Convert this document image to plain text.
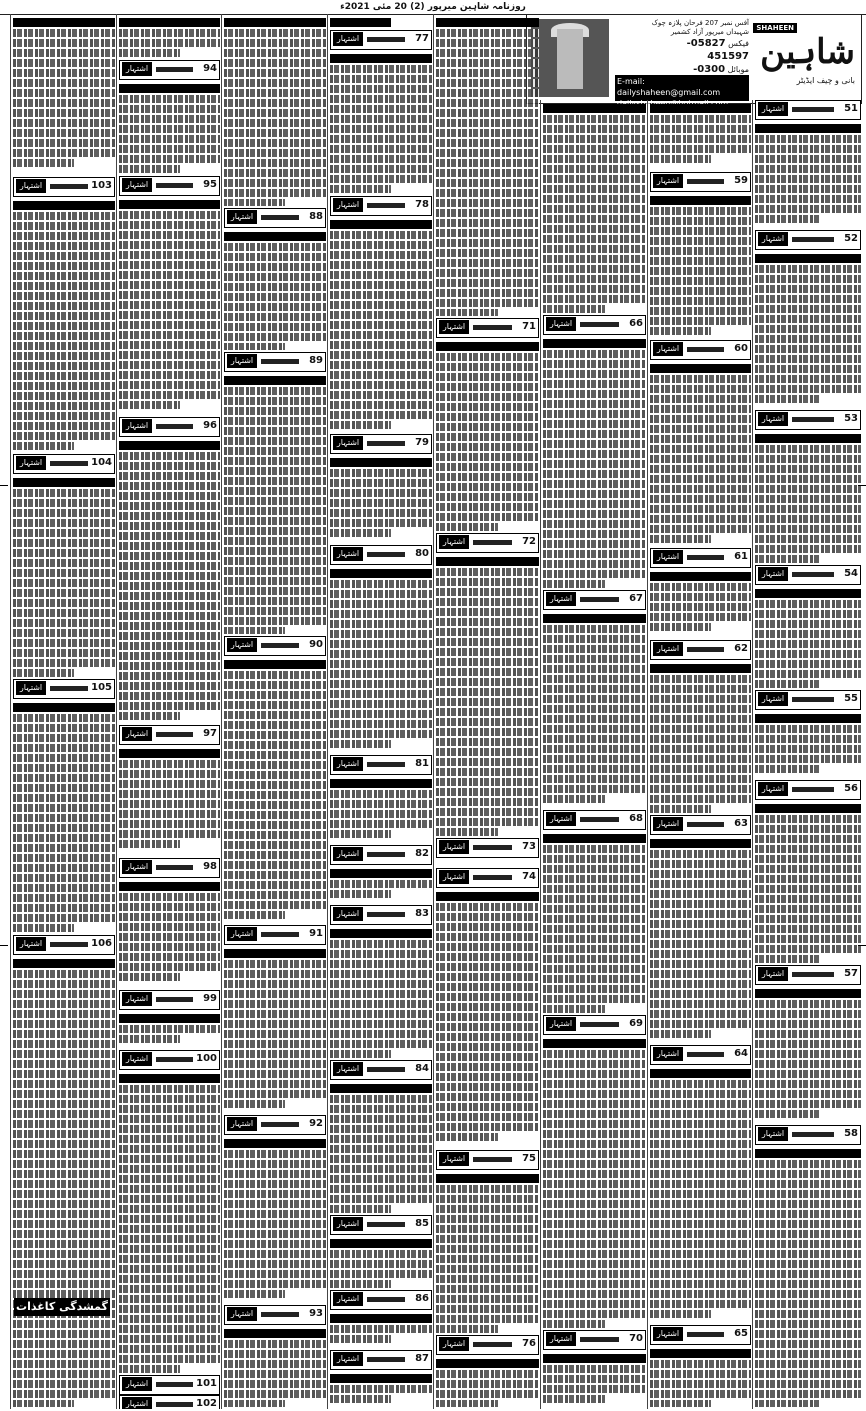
روزنامہ شاہین میرپور (2) 20 مئی 2021ء
SHAHEEN
شاہین
بانی و چیف ایڈیٹر
آفس نمبر 207 فرحان پلازہ چوک شہیداں میرپور آزاد کشمیر
فیکس 05827-451597
موبائل 0300-
E-mail: dailyshaheen@gmail.com

اشتہار	51
اشتہار	52
اشتہار	53
اشتہار	54
اشتہار	55
اشتہار	56
اشتہار	57
اشتہار	58
اشتہار	59
اشتہار	60
اشتہار	61
اشتہار	62
اشتہار	63
اشتہار	64
اشتہار	65
اشتہار	66
اشتہار	67
اشتہار	68
اشتہار	69
اشتہار	70
اشتہار	71
اشتہار	72
اشتہار	73
اشتہار	74
اشتہار	75
اشتہار	76
اشتہار	77
اشتہار	78
اشتہار	79
اشتہار	80
اشتہار	81
اشتہار	82
اشتہار	83
اشتہار	84
اشتہار	85
اشتہار	86
اشتہار	87
اشتہار	88
اشتہار	89
اشتہار	90
اشتہار	91
اشتہار	92
اشتہار	93
اشتہار	94
اشتہار	95
اشتہار	96
اشتہار	97
اشتہار	98
اشتہار	99
اشتہار	100
اشتہار	101
اشتہار	102
اشتہار	103
اشتہار	104
اشتہار	105
اشتہار	106
گمشدگی کاغذات
